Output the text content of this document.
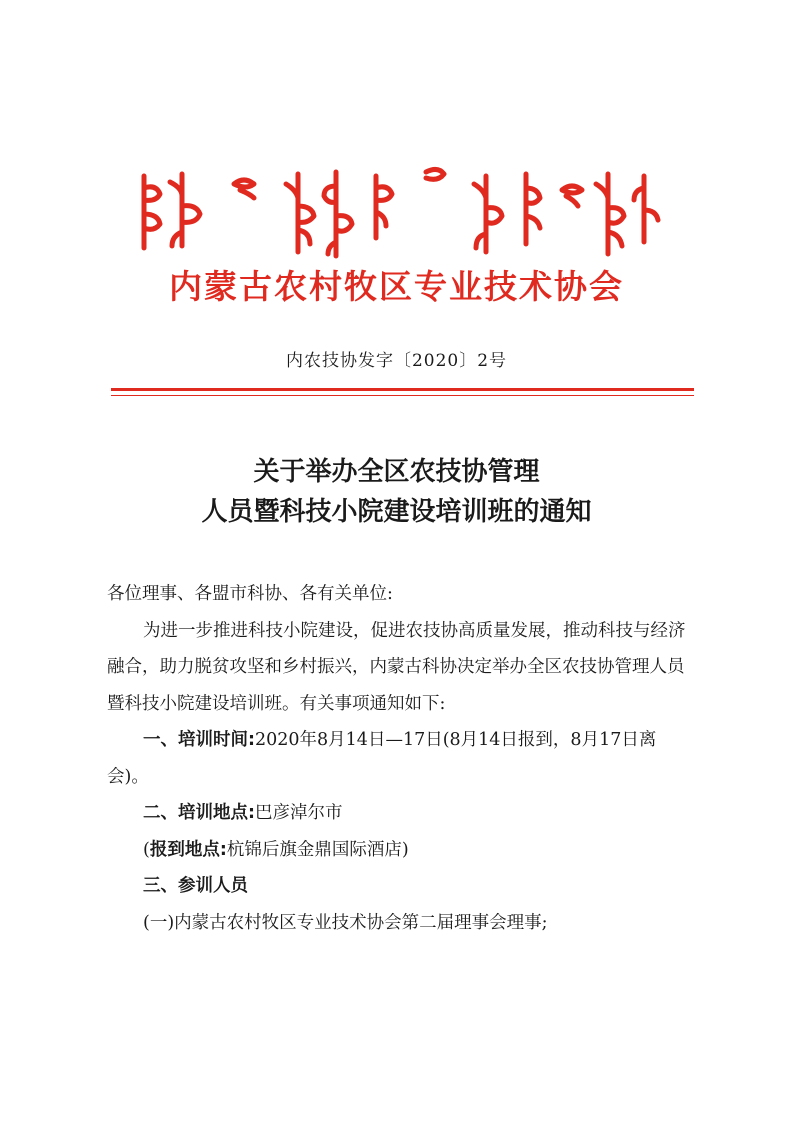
内蒙古农村牧区专业技术协会
内农技协发字〔2020〕2号
关于举办全区农技协管理
人员暨科技小院建设培训班的通知

各位理事、各盟市科协、各有关单位:

为进一步推进科技小院建设，促进农技协高质量发展，推动科技与经济融合，助力脱贫攻坚和乡村振兴，内蒙古科协决定举办全区农技协管理人员暨科技小院建设培训班。有关事项通知如下:

一、培训时间:2020年8月14日—17日(8月14日报到，8月17日离会)。

二、培训地点:巴彦淖尔市

(报到地点:杭锦后旗金鼎国际酒店)

三、参训人员

(一)内蒙古农村牧区专业技术协会第二届理事会理事;
